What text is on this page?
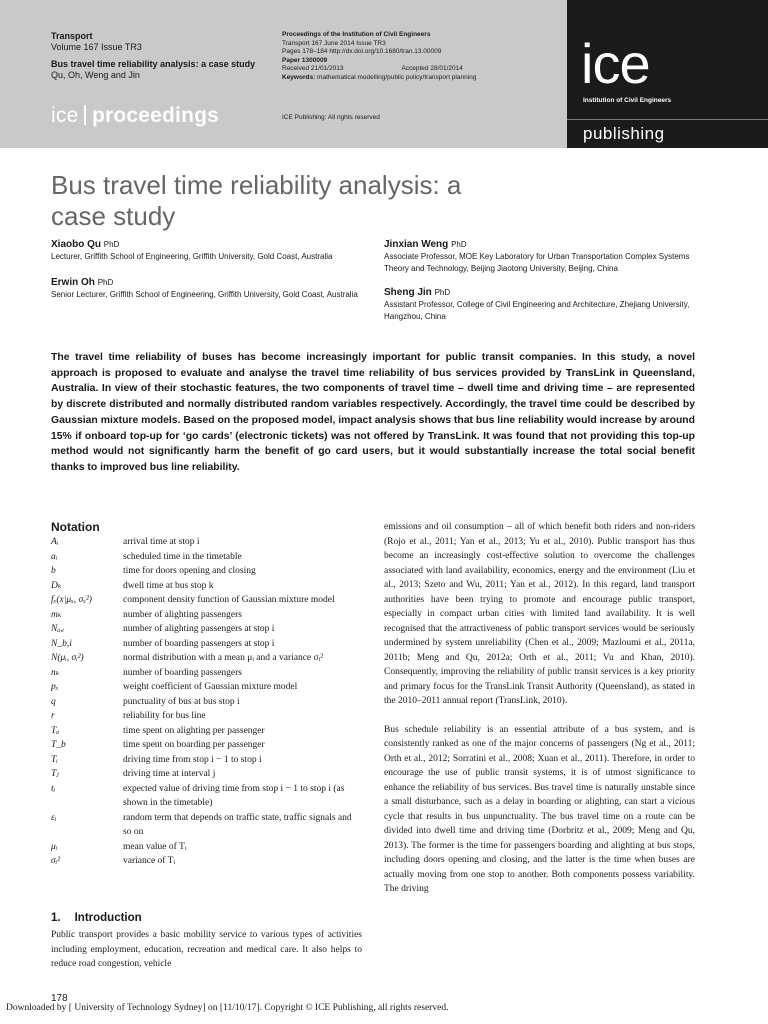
Transport
Volume 167 Issue TR3
Bus travel time reliability analysis: a case study
Qu, Oh, Weng and Jin
ice proceedings
Proceedings of the Institution of Civil Engineers
Transport 167 June 2014 Issue TR3
Pages 178–184 http://dx.doi.org/10.1680/tran.13.00009
Paper 1300009
Received 21/01/2013	Accepted 28/01/2014
Keywords: mathematical modelling/public policy/transport planning
ICE Publishing: All rights reserved
ice
Institution of Civil Engineers
publishing
Bus travel time reliability analysis: a case study
Xiaobo Qu PhD
Lecturer, Griffith School of Engineering, Griffith University, Gold Coast, Australia
Erwin Oh PhD
Senior Lecturer, Griffith School of Engineering, Griffith University, Gold Coast, Australia
Jinxian Weng PhD
Associate Professor, MOE Key Laboratory for Urban Transportation Complex Systems Theory and Technology, Beijing Jiaotong University, Beijing, China
Sheng Jin PhD
Assistant Professor, College of Civil Engineering and Architecture, Zhejiang University, Hangzhou, China
The travel time reliability of buses has become increasingly important for public transit companies. In this study, a novel approach is proposed to evaluate and analyse the travel time reliability of bus services provided by TransLink in Queensland, Australia. In view of their stochastic features, the two components of travel time – dwell time and driving time – are represented by discrete distributed and normally distributed random variables respectively. Accordingly, the travel time could be described by Gaussian mixture models. Based on the proposed model, impact analysis shows that bus line reliability would increase by around 15% if onboard top-up for ‘go cards’ (electronic tickets) was not offered by TransLink. It was found that not providing this top-up method would not significantly harm the benefit of go card users, but it would substantially increase the total social benefit thanks to improved bus line reliability.
Notation
Aᵢ	arrival time at stop i
aᵢ	scheduled time in the timetable
b	time for doors opening and closing
Dₖ	dwell time at bus stop k
fₓ(x|μₓ, σₓ²)	component density function of Gaussian mixture model
mₖ	number of alighting passengers
Nₐ,ᵢ	number of alighting passengers at stop i
N_b,i	number of boarding passengers at stop i
N(μᵢ, σᵢ²)	normal distribution with a mean μᵢ and a variance σᵢ²
nₖ	number of boarding passengers
pₓ	weight coefficient of Gaussian mixture model
q	punctuality of bus at bus stop i
r	reliability for bus line
Tₐ	time spent on alighting per passenger
T_b	time spent on boarding per passenger
Tᵢ	driving time from stop i − 1 to stop i
Tⱼ	driving time at interval j
tᵢ	expected value of driving time from stop i − 1 to stop i (as shown in the timetable)
εᵢ	random term that depends on traffic state, traffic signals and so on
μᵢ	mean value of Tᵢ
σᵢ²	variance of Tᵢ
1. Introduction
Public transport provides a basic mobility service to various types of activities including employment, education, recreation and medical care. It also helps to reduce road congestion, vehicle

emissions and oil consumption – all of which benefit both riders and non-riders (Rojo et al., 2011; Yan et al., 2013; Yu et al., 2010). Public transport has thus become an increasingly cost-effective solution to overcome the challenges associated with land availability, economics, energy and the environment (Liu et al., 2013; Szeto and Wu, 2011; Yan et al., 2012). In this regard, land transport authorities have been trying to promote and encourage public transport, especially in compact urban cities with limited land availability. It is well recognised that the attractiveness of public transport services would be seriously undermined by system unreliability (Chen et al., 2009; Mazloumi et al., 2011a, 2011b; Meng and Qu, 2012a; Orth et al., 2011; Vu and Khan, 2010). Consequently, improving the reliability of public transit services is a key priority and primary focus for the TransLink Transit Authority (Queensland), as stated in the 2010–2011 annual report (TransLink, 2010).

Bus schedule reliability is an essential attribute of a bus system, and is consistently ranked as one of the major concerns of passengers (Ng et al., 2011; Orth et al., 2012; Sorratini et al., 2008; Xuan et al., 2011). Therefore, in order to encourage the use of public transit systems, it is of utmost significance to enhance the reliability of bus services. Bus travel time is naturally unstable since a small disturbance, such as a delay in boarding or alighting, can start a vicious cycle that results in bus unpunctuality. The bus travel time on a route can be divided into dwell time and driving time (Dorbritz et al., 2009; Meng and Qu, 2013). The former is the time for passengers boarding and alighting at bus stops, including doors opening and closing, and the latter is the time when buses are actually moving from one stop to another. Both components possess variability. The driving

178
Downloaded by [ University of Technology Sydney] on [11/10/17]. Copyright © ICE Publishing, all rights reserved.
